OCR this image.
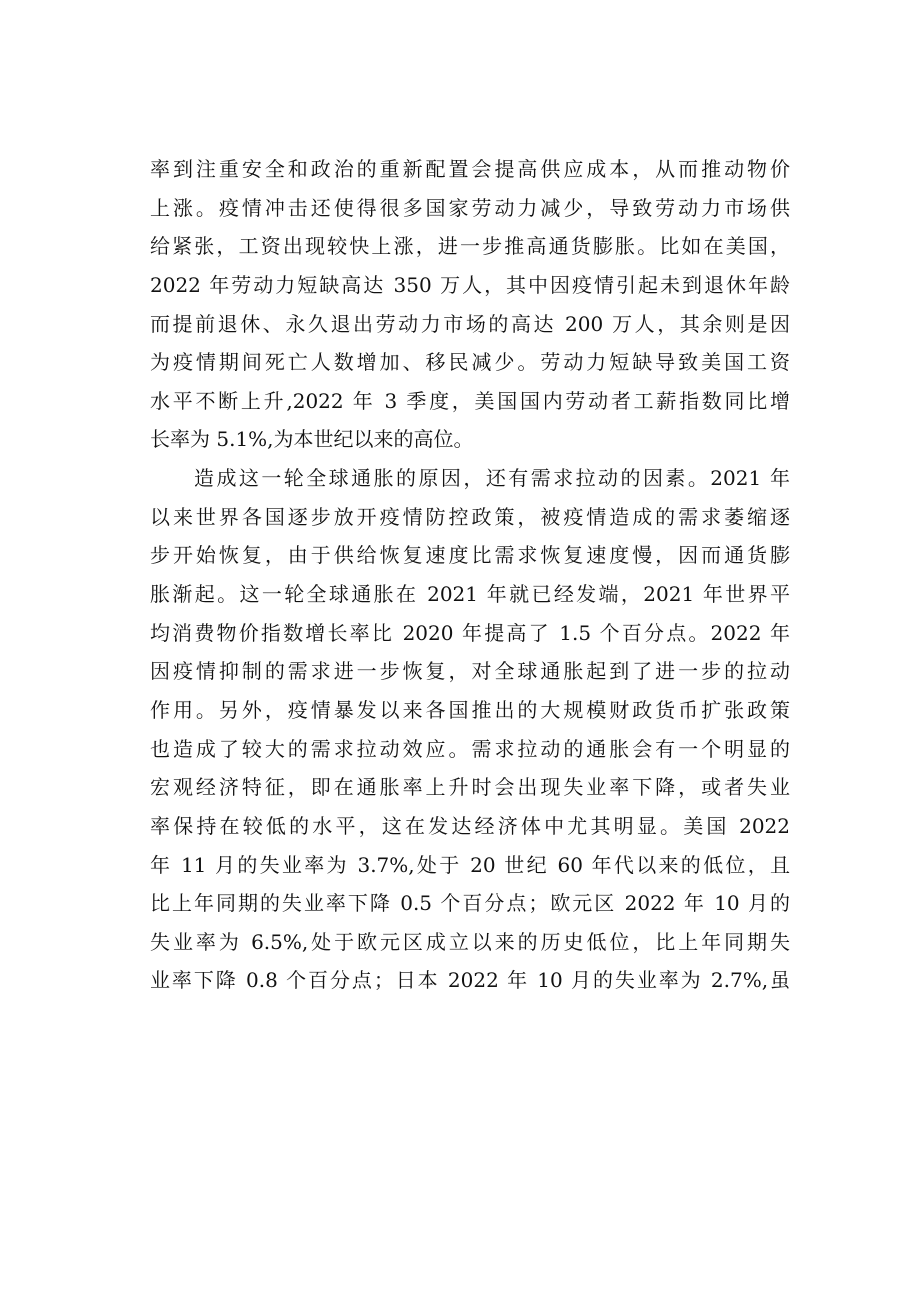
率到注重安全和政治的重新配置会提高供应成本，从而推动物价
上涨。疫情冲击还使得很多国家劳动力减少，导致劳动力市场供
给紧张，工资出现较快上涨，进一步推高通货膨胀。比如在美国，
2022 年劳动力短缺高达 350 万人，其中因疫情引起未到退休年龄
而提前退休、永久退出劳动力市场的高达 200 万人，其余则是因
为疫情期间死亡人数增加、移民减少。劳动力短缺导致美国工资
水平不断上升,2022 年 3 季度，美国国内劳动者工薪指数同比增
长率为 5.1%,为本世纪以来的高位。
造成这一轮全球通胀的原因，还有需求拉动的因素。2021 年
以来世界各国逐步放开疫情防控政策，被疫情造成的需求萎缩逐
步开始恢复，由于供给恢复速度比需求恢复速度慢，因而通货膨
胀渐起。这一轮全球通胀在 2021 年就已经发端，2021 年世界平
均消费物价指数增长率比 2020 年提高了 1.5 个百分点。2022 年
因疫情抑制的需求进一步恢复，对全球通胀起到了进一步的拉动
作用。另外，疫情暴发以来各国推出的大规模财政货币扩张政策
也造成了较大的需求拉动效应。需求拉动的通胀会有一个明显的
宏观经济特征，即在通胀率上升时会出现失业率下降，或者失业
率保持在较低的水平，这在发达经济体中尤其明显。美国 2022
年 11 月的失业率为 3.7%,处于 20 世纪 60 年代以来的低位，且
比上年同期的失业率下降 0.5 个百分点；欧元区 2022 年 10 月的
失业率为 6.5%,处于欧元区成立以来的历史低位，比上年同期失
业率下降 0.8 个百分点；日本 2022 年 10 月的失业率为 2.7%,虽
